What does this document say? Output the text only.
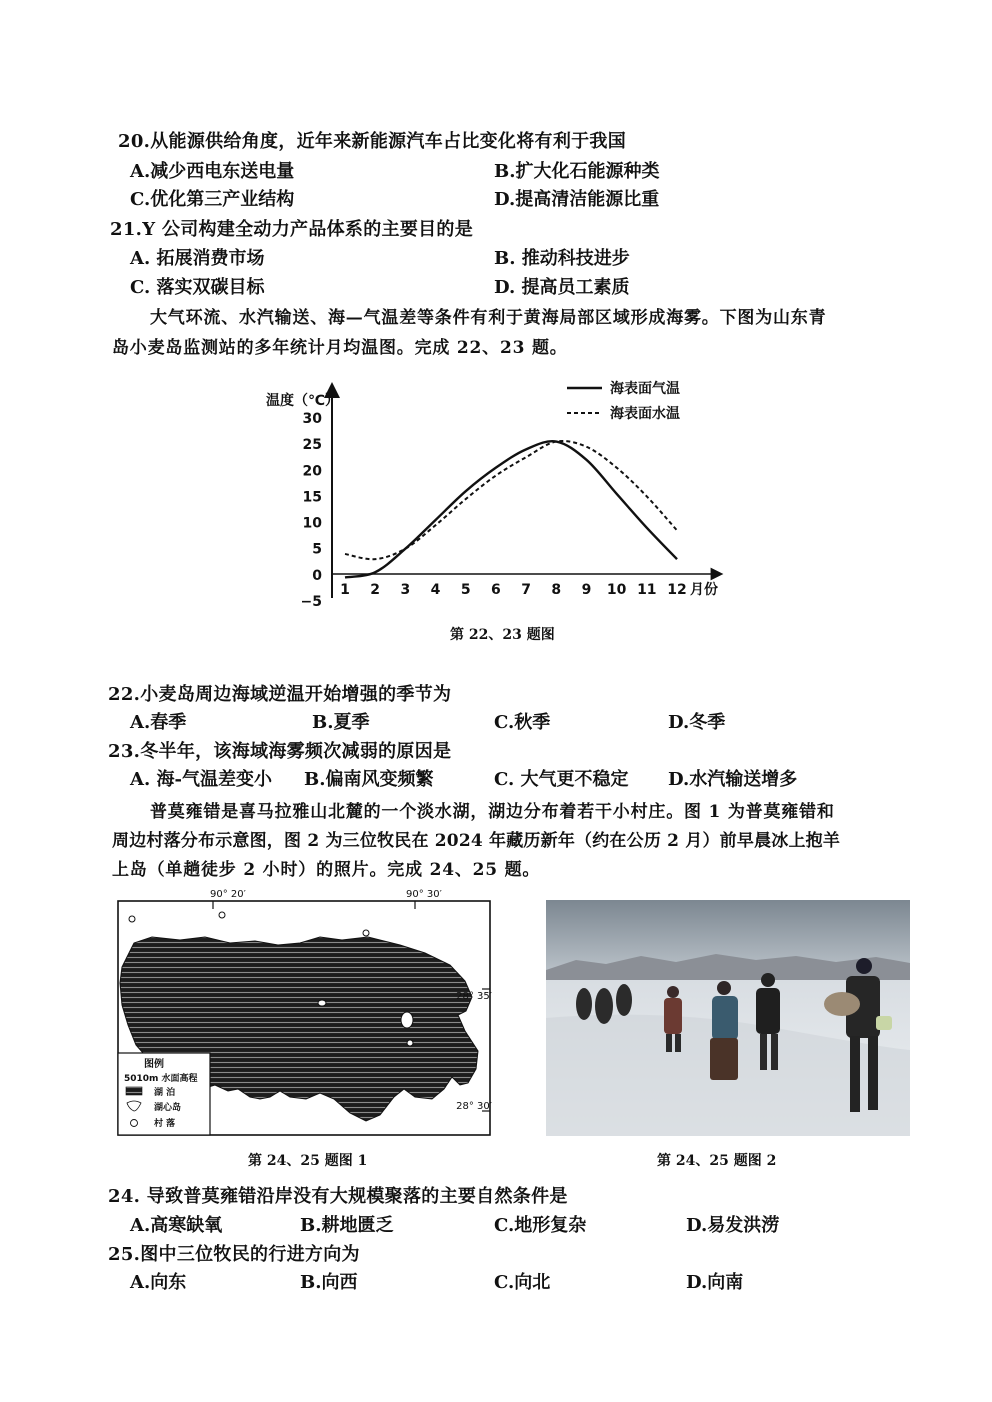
20.从能源供给角度，近年来新能源汽车占比变化将有利于我国
A.减少西电东送电量	B.扩大化石能源种类
C.优化第三产业结构	D.提高清洁能源比重
21.Y 公司构建全动力产品体系的主要目的是
A. 拓展消费市场	B. 推动科技进步
C. 落实双碳目标	D. 提高员工素质
大气环流、水汽输送、海—气温差等条件有利于黄海局部区域形成海雾。下图为山东青
岛小麦岛监测站的多年统计月均温图。完成 22、23 题。
温度（℃）
30
25
20
15
10
5
0
−5
1 2 3 4 5 6 7 8 9 10 11 12 月份
海表面气温
海表面水温
第 22、23 题图
22.小麦岛周边海域逆温开始增强的季节为
A.春季	B.夏季	C.秋季	D.冬季
23.冬半年，该海域海雾频次减弱的原因是
A. 海-气温差变小 B.偏南风变频繁	C. 大气更不稳定 D.水汽输送增多
普莫雍错是喜马拉雅山北麓的一个淡水湖，湖边分布着若干小村庄。图 1 为普莫雍错和
周边村落分布示意图，图 2 为三位牧民在 2024 年藏历新年（约在公历 2 月）前早晨冰上抱羊
上岛（单趟徒步 2 小时）的照片。完成 24、25 题。
90° 20′	90° 30′
28° 35′
28° 30′
图例
5010m 水面高程
湖 泊
湖心岛
村 落
第 24、25 题图 1	第 24、25 题图 2
24. 导致普莫雍错沿岸没有大规模聚落的主要自然条件是
A.高寒缺氧	B.耕地匮乏	C.地形复杂	D.易发洪涝
25.图中三位牧民的行进方向为
A.向东	B.向西	C.向北	D.向南
